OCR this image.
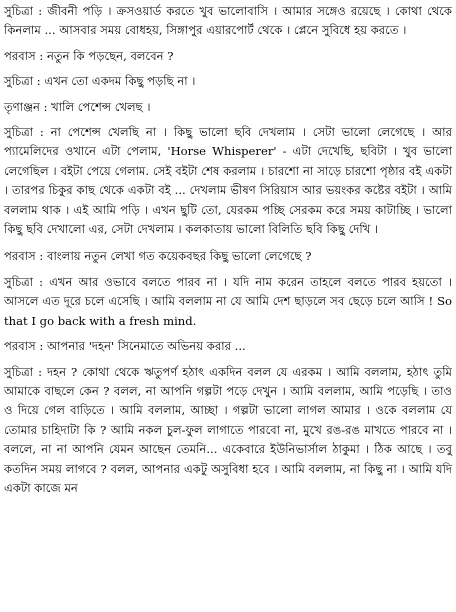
সুচিত্রা : জীবনী পড়ি । ক্রসওয়ার্ড করতে খুব ভালোবাসি । আমার সঙ্গেও রয়েছে । কোথা থেকে কিনলাম ... আসবার সময় বোধহয়, সিঙ্গাপুর এয়ারপোর্ট থেকে । প্লেনে সুবিধে হয় করতে ।

পরবাস : নতুন কি পড়ছেন, বলবেন ?

সুচিত্রা : এখন তো একদম কিছু পড়ছি না ।

তৃণাঞ্জন : খালি পেশেন্স খেলছ ।

সুচিত্রা : না পেশেন্স খেলছি না । কিছু ভালো ছবি দেখলাম । সেটা ভালো লেগেছে । আর প্যামেলিদের ওখানে এটা পেলাম, 'Horse Whisperer' - এটা দেখেছি, ছবিটা । খুব ভালো লেগেছিল । বইটা পেয়ে গেলাম. সেই বইটা শেষ করলাম । চারশো না সাড়ে চারশো পৃষ্ঠার বই একটা । তারপর চিকুর কাছ থেকে একটা বই ... দেখলাম ভীষণ সিরিয়াস আর ভয়ংকর কষ্টের বইটা । আমি বললাম থাক । এই আমি পড়ি । এখন ছুটি তো, যেরকম পচ্ছি সেরকম করে সময় কাটাচ্ছি । ভালো কিছু ছবি দেখালো এর, সেটা দেখলাম । কলকাতায় ভালো বিলিতি ছবি কিছু দেখি ।

পরবাস : বাংলায় নতুন লেখা গত কয়েকবছর কিছু ভালো লেগেছে ?

সুচিত্রা : এখন আর ওভাবে বলতে পারব না । যদি নাম করেন তাহলে বলতে পারব হয়তো । আসলে এত দূরে চলে এসেছি । আমি বললাম না যে আমি দেশ ছাড়লে সব ছেড়ে চলে আসি ! So that I go back with a fresh mind.

পরবাস : আপনার 'দহন' সিনেমাতে অভিনয় করার ...

সুচিত্রা : দহন ? কোথা থেকে ঋতুপর্ণ হঠাৎ একদিন বলল যে এরকম । আমি বললাম, হঠাৎ তুমি আমাকে বাছলে কেন ? বলল, না আপনি গল্পটা পড়ে দেখুন । আমি বললাম, আমি পড়েছি । তাও ও দিয়ে গেল বাড়িতে । আমি বললাম, আচ্ছা । গল্পটা ভালো লাগল আমার । ওকে বললাম যে তোমার চাহিদাটা কি ? আমি নকল চুল-ফুল লাগাতে পারবো না, মুখে রঙ-রঙ মাখতে পারবে না । বললে, না না আপনি যেমন আছেন তেমনি... একেবারে ইউনিভার্সাল ঠাকুমা । ঠিক আছে । তবু কতদিন সময় লাগবে ? বলল, আপনার একটু অসুবিধা হবে । আমি বললাম, না কিছু না । আমি যদি একটা কাজে মন
